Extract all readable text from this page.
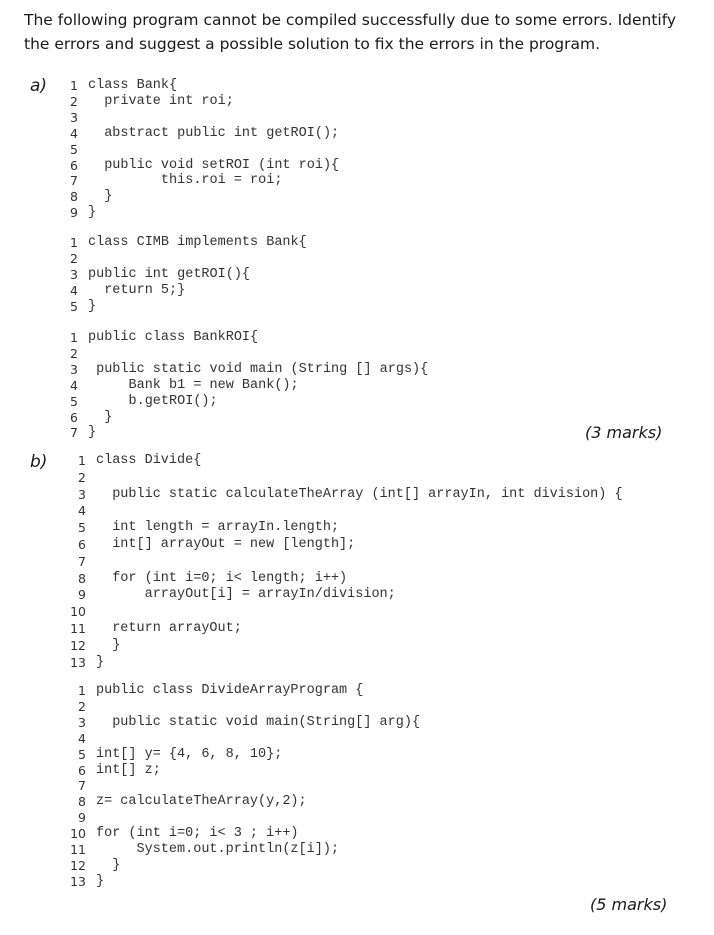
The following program cannot be compiled successfully due to some errors. Identify the errors and suggest a possible solution to fix the errors in the program.

a)
b)
1 class Bank{
2 private int roi;
3
4 abstract public int getROI();
5
6 public void setROI (int roi){
7 this.roi = roi;
8 }
9 }
1 class CIMB implements Bank{
2
3 public int getROI(){
4 return 5;}
5 }
1 public class BankROI{
2
3 public static void main (String [] args){
4 Bank b1 = new Bank();
5 b.getROI();
6 }
7 }
1 class Divide{
2
3 public static calculateTheArray (int[] arrayIn, int division) {
4
5 int length = arrayIn.length;
6 int[] arrayOut = new [length];
7
8 for (int i=0; i< length; i++)
9 arrayOut[i] = arrayIn/division;
10
11 return arrayOut;
12 }
13 }
1 public class DivideArrayProgram {
2
3 public static void main(String[] arg){
4
5 int[] y= {4, 6, 8, 10};
6 int[] z;
7
8 z= calculateTheArray(y,2);
9
10 for (int i=0; i< 3 ; i++)
11 System.out.println(z[i]);
12 }
13 }
(3 marks)
(5 marks)
